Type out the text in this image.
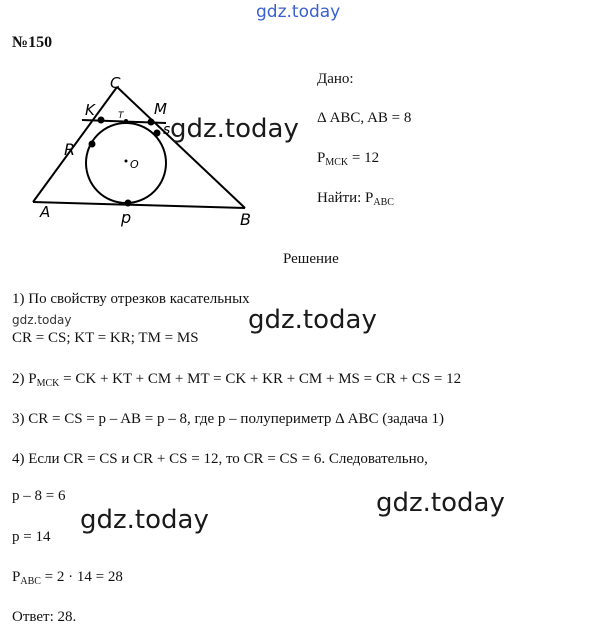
gdz.today
№150
C
K	T M
s
R
O
A	p	B
gdz.today
Дано:
Δ ABC, AB = 8
$P_{MCK} = 12$
Найти: $P_{ABC}$
Решение
1) По свойству отрезков касательных
gdz.today	gdz.today
CR = CS; KT = KR; TM = MS
2) $P_{MCK}$ = CK + KT + CM + MT = CK + KR + CM + MS = CR + CS = 12
3) CR = CS = p – AB = p – 8, где p – полупериметр Δ ABC (задача 1)
4) Если CR = CS и CR + CS = 12, то CR = CS = 6. Следовательно,
p – 8 = 6	gdz.today
gdz.today
p = 14
$P_{ABC} = 2 \cdot 14 = 28$
Ответ: 28.
